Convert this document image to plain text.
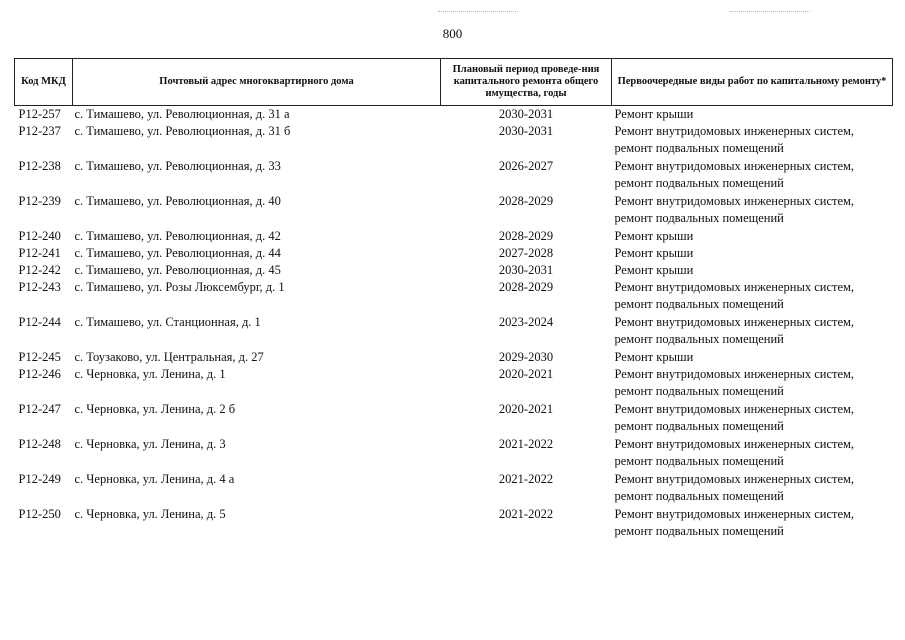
800
Код МКД	Почтовый адрес многоквартирного дома	Плановый период проведе-ния капитального ремонта общего имущества, годы	Первоочередные виды работ по капитальному ремонту*
Р12-257	с. Тимашево, ул. Революционная, д. 31 а	2030-2031	Ремонт крыши
Р12-237	с. Тимашево, ул. Революционная, д. 31 б	2030-2031	Ремонт внутридомовых инженерных систем, ремонт подвальных помещений
Р12-238	с. Тимашево, ул. Революционная, д. 33	2026-2027	Ремонт внутридомовых инженерных систем, ремонт подвальных помещений
Р12-239	с. Тимашево, ул. Революционная, д. 40	2028-2029	Ремонт внутридомовых инженерных систем, ремонт подвальных помещений
Р12-240	с. Тимашево, ул. Революционная, д. 42	2028-2029	Ремонт крыши
Р12-241	с. Тимашево, ул. Революционная, д. 44	2027-2028	Ремонт крыши
Р12-242	с. Тимашево, ул. Революционная, д. 45	2030-2031	Ремонт крыши
Р12-243	с. Тимашево, ул. Розы Люксембург, д. 1	2028-2029	Ремонт внутридомовых инженерных систем, ремонт подвальных помещений
Р12-244	с. Тимашево, ул. Станционная, д. 1	2023-2024	Ремонт внутридомовых инженерных систем, ремонт подвальных помещений
Р12-245	с. Тоузаково, ул. Центральная, д. 27	2029-2030	Ремонт крыши
Р12-246	с. Черновка, ул. Ленина, д. 1	2020-2021	Ремонт внутридомовых инженерных систем, ремонт подвальных помещений
Р12-247	с. Черновка, ул. Ленина, д. 2 б	2020-2021	Ремонт внутридомовых инженерных систем, ремонт подвальных помещений
Р12-248	с. Черновка, ул. Ленина, д. 3	2021-2022	Ремонт внутридомовых инженерных систем, ремонт подвальных помещений
Р12-249	с. Черновка, ул. Ленина, д. 4 а	2021-2022	Ремонт внутридомовых инженерных систем, ремонт подвальных помещений
Р12-250	с. Черновка, ул. Ленина, д. 5	2021-2022	Ремонт внутридомовых инженерных систем, ремонт подвальных помещений
